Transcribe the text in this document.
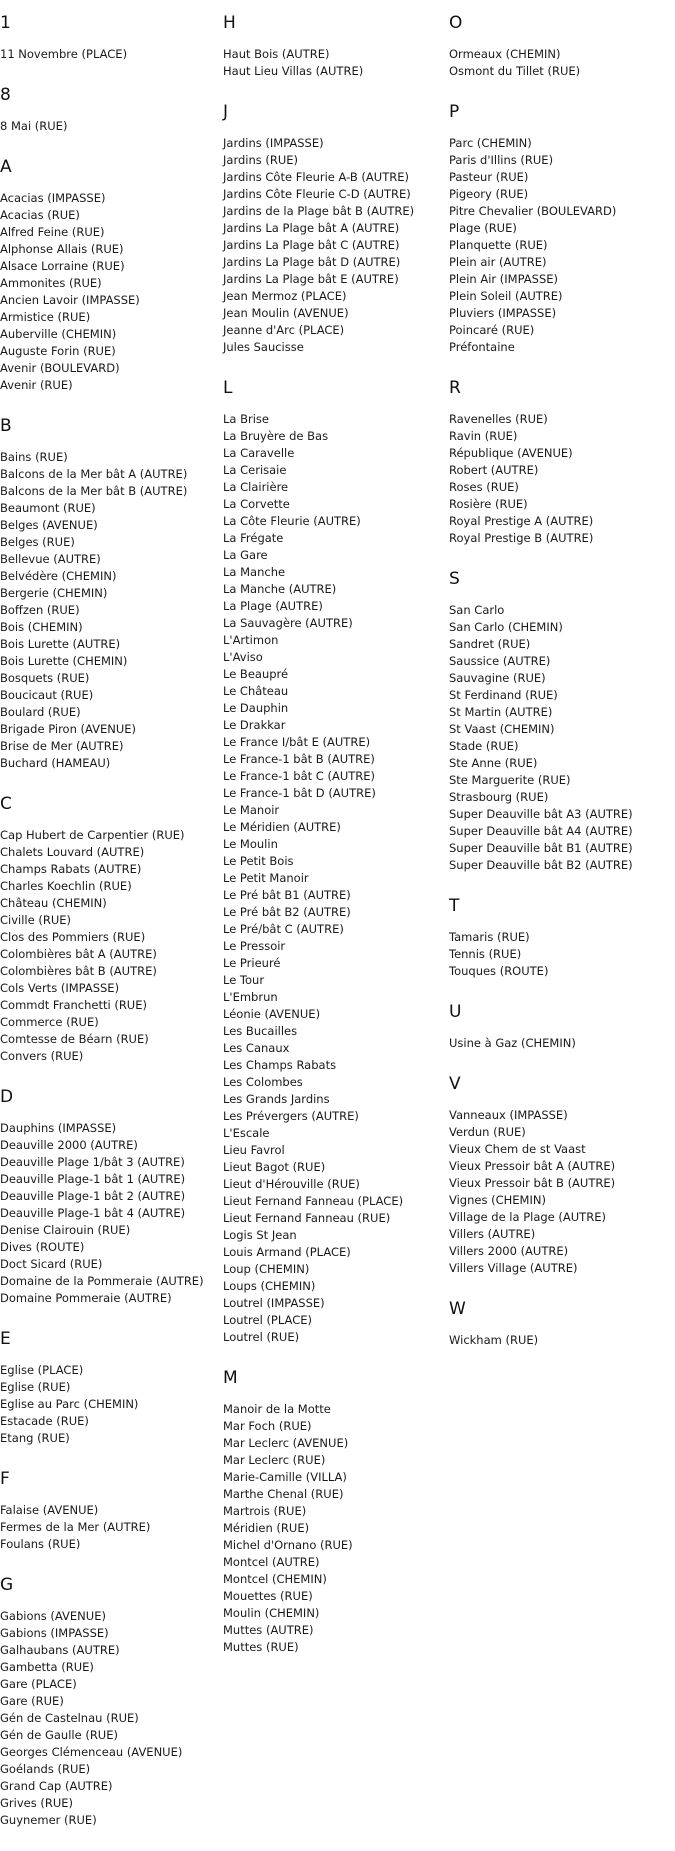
1
11 Novembre (PLACE)
8
8 Mai (RUE)
A
Acacias (IMPASSE)
Acacias (RUE)
Alfred Feine (RUE)
Alphonse Allais (RUE)
Alsace Lorraine (RUE)
Ammonites (RUE)
Ancien Lavoir (IMPASSE)
Armistice (RUE)
Auberville (CHEMIN)
Auguste Forin (RUE)
Avenir (BOULEVARD)
Avenir (RUE)
B
Bains (RUE)
Balcons de la Mer bât A (AUTRE)
Balcons de la Mer bât B (AUTRE)
Beaumont (RUE)
Belges (AVENUE)
Belges (RUE)
Bellevue (AUTRE)
Belvédère (CHEMIN)
Bergerie (CHEMIN)
Boffzen (RUE)
Bois (CHEMIN)
Bois Lurette (AUTRE)
Bois Lurette (CHEMIN)
Bosquets (RUE)
Boucicaut (RUE)
Boulard (RUE)
Brigade Piron (AVENUE)
Brise de Mer (AUTRE)
Buchard (HAMEAU)
C
Cap Hubert de Carpentier (RUE)
Chalets Louvard (AUTRE)
Champs Rabats (AUTRE)
Charles Koechlin (RUE)
Château (CHEMIN)
Civille (RUE)
Clos des Pommiers (RUE)
Colombières bât A (AUTRE)
Colombières bât B (AUTRE)
Cols Verts (IMPASSE)
Commdt Franchetti (RUE)
Commerce (RUE)
Comtesse de Béarn (RUE)
Convers (RUE)
D
Dauphins (IMPASSE)
Deauville 2000 (AUTRE)
Deauville Plage 1/bât 3 (AUTRE)
Deauville Plage-1 bât 1 (AUTRE)
Deauville Plage-1 bât 2 (AUTRE)
Deauville Plage-1 bât 4 (AUTRE)
Denise Clairouin (RUE)
Dives (ROUTE)
Doct Sicard (RUE)
Domaine de la Pommeraie (AUTRE)
Domaine Pommeraie (AUTRE)
E
Eglise (PLACE)
Eglise (RUE)
Eglise au Parc (CHEMIN)
Estacade (RUE)
Etang (RUE)
F
Falaise (AVENUE)
Fermes de la Mer (AUTRE)
Foulans (RUE)
G
Gabions (AVENUE)
Gabions (IMPASSE)
Galhaubans (AUTRE)
Gambetta (RUE)
Gare (PLACE)
Gare (RUE)
Gén de Castelnau (RUE)
Gén de Gaulle (RUE)
Georges Clémenceau (AVENUE)
Goélands (RUE)
Grand Cap (AUTRE)
Grives (RUE)
Guynemer (RUE)
H
Haut Bois (AUTRE)
Haut Lieu Villas (AUTRE)
J
Jardins (IMPASSE)
Jardins (RUE)
Jardins Côte Fleurie A-B (AUTRE)
Jardins Côte Fleurie C-D (AUTRE)
Jardins de la Plage bât B (AUTRE)
Jardins La Plage bât A (AUTRE)
Jardins La Plage bât C (AUTRE)
Jardins La Plage bât D (AUTRE)
Jardins La Plage bât E (AUTRE)
Jean Mermoz (PLACE)
Jean Moulin (AVENUE)
Jeanne d'Arc (PLACE)
Jules Saucisse
L
La Brise
La Bruyère de Bas
La Caravelle
La Cerisaie
La Clairière
La Corvette
La Côte Fleurie (AUTRE)
La Frégate
La Gare
La Manche
La Manche (AUTRE)
La Plage (AUTRE)
La Sauvagère (AUTRE)
L'Artimon
L'Aviso
Le Beaupré
Le Château
Le Dauphin
Le Drakkar
Le France I/bât E (AUTRE)
Le France-1 bât B (AUTRE)
Le France-1 bât C (AUTRE)
Le France-1 bât D (AUTRE)
Le Manoir
Le Méridien (AUTRE)
Le Moulin
Le Petit Bois
Le Petit Manoir
Le Pré bât B1 (AUTRE)
Le Pré bât B2 (AUTRE)
Le Pré/bât C (AUTRE)
Le Pressoir
Le Prieuré
Le Tour
L'Embrun
Léonie (AVENUE)
Les Bucailles
Les Canaux
Les Champs Rabats
Les Colombes
Les Grands Jardins
Les Prévergers (AUTRE)
L'Escale
Lieu Favrol
Lieut Bagot (RUE)
Lieut d'Hérouville (RUE)
Lieut Fernand Fanneau (PLACE)
Lieut Fernand Fanneau (RUE)
Logis St Jean
Louis Armand (PLACE)
Loup (CHEMIN)
Loups (CHEMIN)
Loutrel (IMPASSE)
Loutrel (PLACE)
Loutrel (RUE)
M
Manoir de la Motte
Mar Foch (RUE)
Mar Leclerc (AVENUE)
Mar Leclerc (RUE)
Marie-Camille (VILLA)
Marthe Chenal (RUE)
Martrois (RUE)
Méridien (RUE)
Michel d'Ornano (RUE)
Montcel (AUTRE)
Montcel (CHEMIN)
Mouettes (RUE)
Moulin (CHEMIN)
Muttes (AUTRE)
Muttes (RUE)
O
Ormeaux (CHEMIN)
Osmont du Tillet (RUE)
P
Parc (CHEMIN)
Paris d'Illins (RUE)
Pasteur (RUE)
Pigeory (RUE)
Pitre Chevalier (BOULEVARD)
Plage (RUE)
Planquette (RUE)
Plein air (AUTRE)
Plein Air (IMPASSE)
Plein Soleil (AUTRE)
Pluviers (IMPASSE)
Poincaré (RUE)
Préfontaine
R
Ravenelles (RUE)
Ravin (RUE)
République (AVENUE)
Robert (AUTRE)
Roses (RUE)
Rosière (RUE)
Royal Prestige A (AUTRE)
Royal Prestige B (AUTRE)
S
San Carlo
San Carlo (CHEMIN)
Sandret (RUE)
Saussice (AUTRE)
Sauvagine (RUE)
St Ferdinand (RUE)
St Martin (AUTRE)
St Vaast (CHEMIN)
Stade (RUE)
Ste Anne (RUE)
Ste Marguerite (RUE)
Strasbourg (RUE)
Super Deauville bât A3 (AUTRE)
Super Deauville bât A4 (AUTRE)
Super Deauville bât B1 (AUTRE)
Super Deauville bât B2 (AUTRE)
T
Tamaris (RUE)
Tennis (RUE)
Touques (ROUTE)
U
Usine à Gaz (CHEMIN)
V
Vanneaux (IMPASSE)
Verdun (RUE)
Vieux Chem de st Vaast
Vieux Pressoir bât A (AUTRE)
Vieux Pressoir bât B (AUTRE)
Vignes (CHEMIN)
Village de la Plage (AUTRE)
Villers (AUTRE)
Villers 2000 (AUTRE)
Villers Village (AUTRE)
W
Wickham (RUE)
